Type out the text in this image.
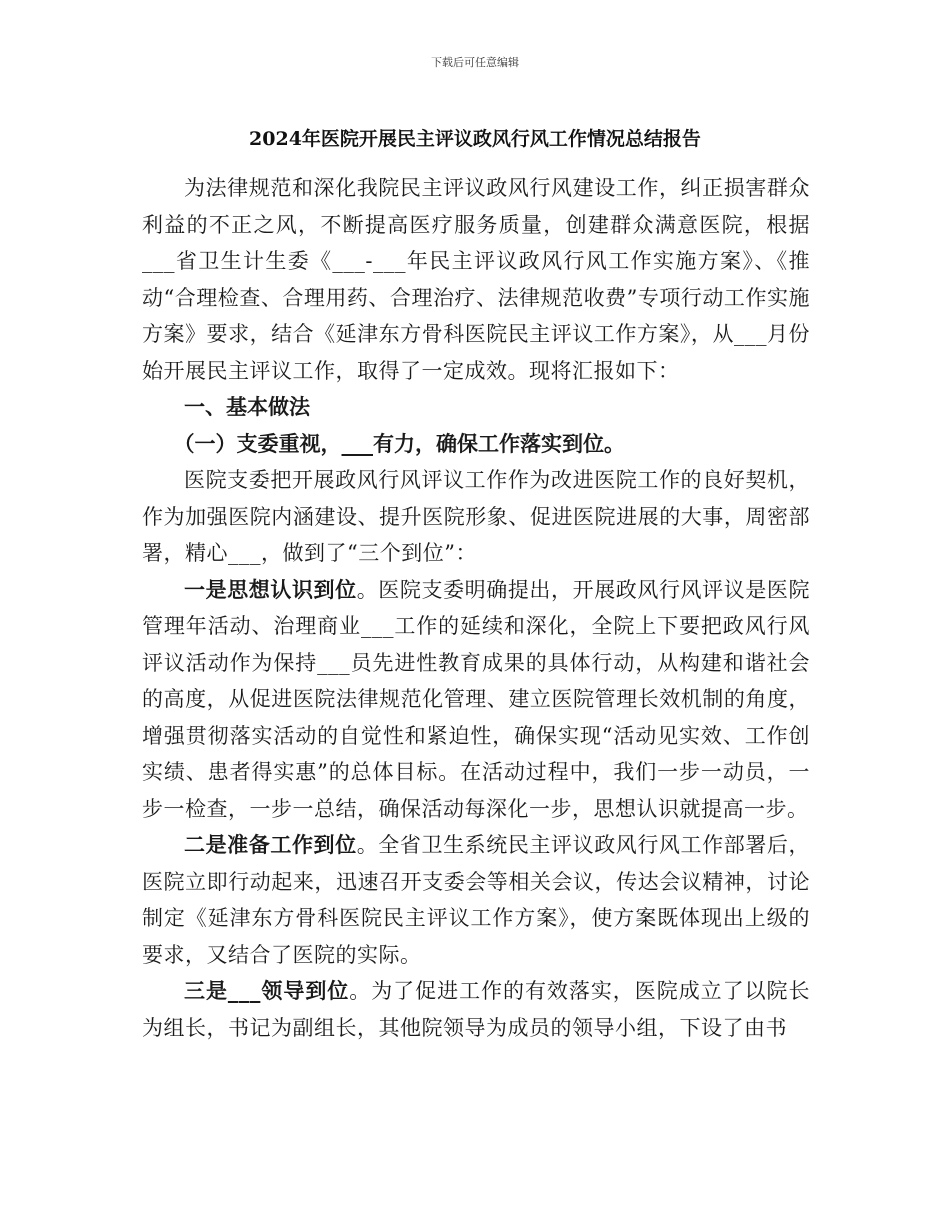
下载后可任意编辑
2024年医院开展民主评议政风行风工作情况总结报告

为法律规范和深化我院民主评议政风行风建设工作，纠正损害群众利益的不正之风，不断提高医疗服务质量，创建群众满意医院，根据___省卫生计生委《___-___年民主评议政风行风工作实施方案》、《推动“合理检查、合理用药、合理治疗、法律规范收费”专项行动工作实施方案》要求，结合《延津东方骨科医院民主评议工作方案》，从___月份始开展民主评议工作，取得了一定成效。现将汇报如下：

一、基本做法

（一）支委重视，___有力，确保工作落实到位。

医院支委把开展政风行风评议工作作为改进医院工作的良好契机，作为加强医院内涵建设、提升医院形象、促进医院进展的大事，周密部署，精心___，做到了“三个到位”：

一是思想认识到位。医院支委明确提出，开展政风行风评议是医院管理年活动、治理商业___工作的延续和深化，全院上下要把政风行风评议活动作为保持___员先进性教育成果的具体行动，从构建和谐社会的高度，从促进医院法律规范化管理、建立医院管理长效机制的角度，增强贯彻落实活动的自觉性和紧迫性，确保实现“活动见实效、工作创实绩、患者得实惠”的总体目标。在活动过程中，我们一步一动员，一步一检查，一步一总结，确保活动每深化一步，思想认识就提高一步。

二是准备工作到位。全省卫生系统民主评议政风行风工作部署后，医院立即行动起来，迅速召开支委会等相关会议，传达会议精神，讨论制定《延津东方骨科医院民主评议工作方案》，使方案既体现出上级的要求，又结合了医院的实际。

三是___领导到位。为了促进工作的有效落实，医院成立了以院长为组长，书记为副组长，其他院领导为成员的领导小组，下设了由书
